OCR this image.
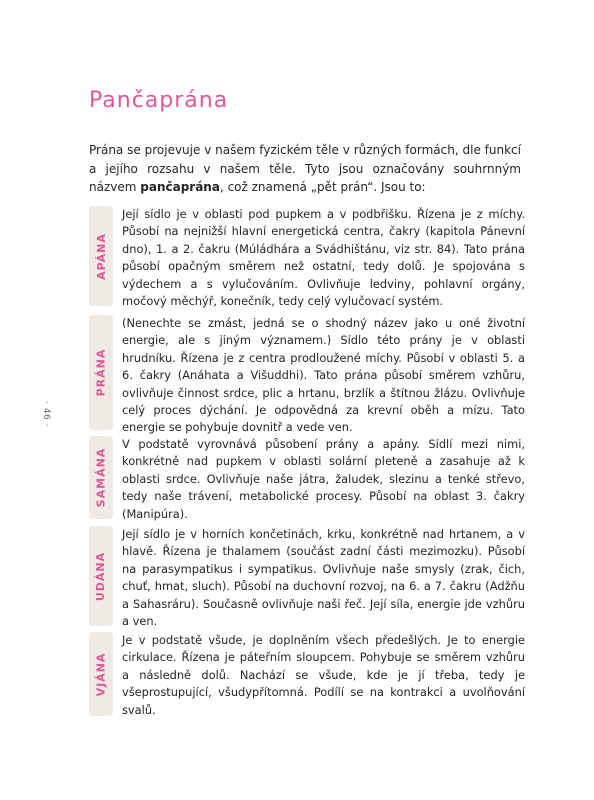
· 46 ·
Pančaprána

Prána se projevuje v našem fyzickém těle v různých formách, dle funkcí a jejího rozsahu v našem těle. Tyto jsou označovány souhrnným názvem pančaprána, což znamená „pět prán“. Jsou to:

APÁNA

Její sídlo je v oblasti pod pupkem a v podbřišku. Řízena je z míchy. Působí na nejnižší hlavní energetická centra, čakry (kapitola Pánevní dno), 1. a 2. čakru (Múládhára a Svádhištánu, viz str. 84). Tato prána působí opačným směrem než ostatní, tedy dolů. Je spojována s výdechem a s vylučováním. Ovlivňuje ledviny, pohlavní orgány, močový měchýř, konečník, tedy celý vylučovací systém.

PRÁNA

(Nenechte se zmást, jedná se o shodný název jako u oné životní energie, ale s jiným významem.) Sídlo této prány je v oblasti hrudníku. Řízena je z centra prodloužené míchy. Působí v oblasti 5. a 6. čakry (Anáhata a Višuddhi). Tato prána působí směrem vzhůru, ovlivňuje činnost srdce, plic a hrtanu, brzlík a štítnou žlázu. Ovlivňuje celý proces dýchání. Je odpovědná za krevní oběh a mízu. Tato energie se pohybuje dovnitř a vede ven.

SAMÁNA

V podstatě vyrovnává působení prány a apány. Sídlí mezi nimi, konkrétně nad pupkem v oblasti solární pleteně a zasahuje až k oblasti srdce. Ovlivňuje naše játra, žaludek, slezinu a tenké střevo, tedy naše trávení, metabolické procesy. Působí na oblast 3. čakry (Manipúra).

UDÁNA

Její sídlo je v horních končetinách, krku, konkrétně nad hrtanem, a v hlavě. Řízena je thalamem (součást zadní části mezimozku). Působí na parasympatikus i sympatikus. Ovlivňuje naše smysly (zrak, čich, chuť, hmat, sluch). Působí na duchovní rozvoj, na 6. a 7. čakru (Adžňu a Sahasráru). Současně ovlivňuje naši řeč. Její síla, energie jde vzhůru a ven.

VJÁNA

Je v podstatě všude, je doplněním všech předešlých. Je to energie cirkulace. Řízena je páteřním sloupcem. Pohybuje se směrem vzhůru a následně dolů. Nachází se všude, kde je jí třeba, tedy je všeprostupující, všudypřítomná. Podílí se na kontrakci a uvolňování svalů.
